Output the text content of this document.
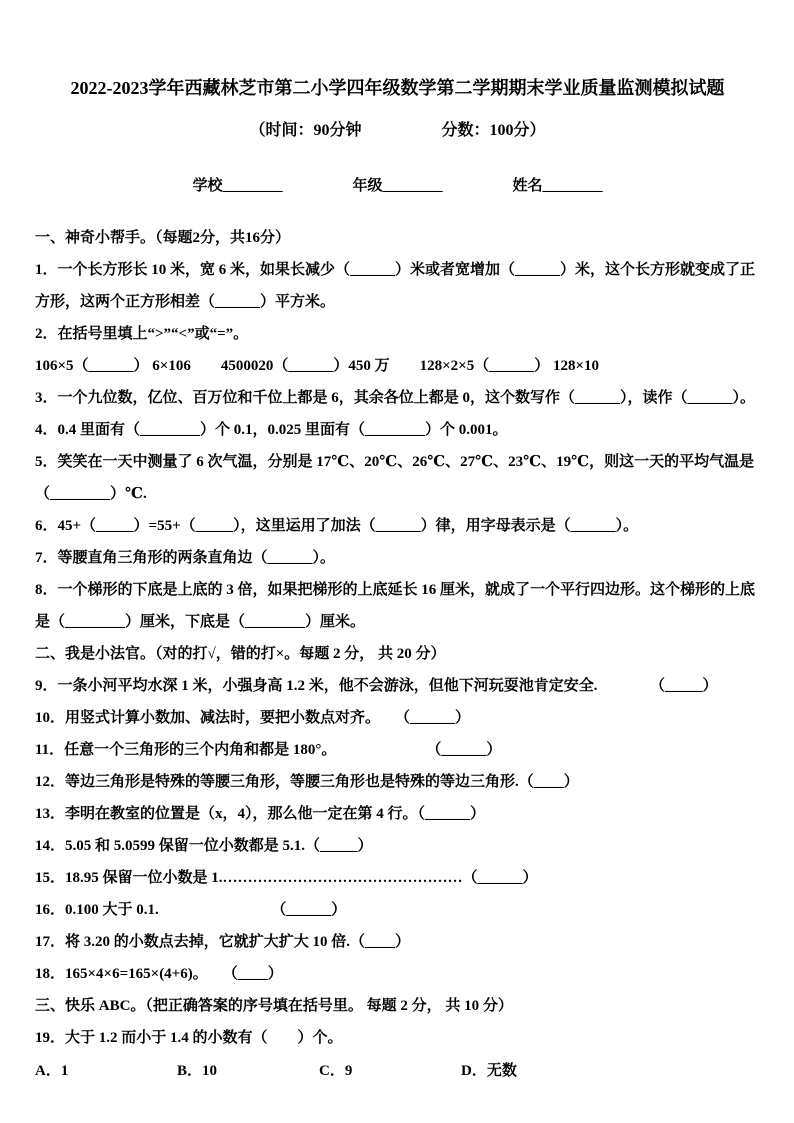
2022-2023学年西藏林芝市第二小学四年级数学第二学期期末学业质量监测模拟试题
（时间：90分钟	分数：100分）
学校________	年级________	姓名________
一、神奇小帮手。（每题2分，共16分）
1．一个长方形长 10 米，宽 6 米，如果长减少（______）米或者宽增加（______）米，这个长方形就变成了正方形，这两个正方形相差（______）平方米。
2．在括号里填上“>”“<”或“=”。
106×5（______） 6×106　　4500020（______）450 万　　128×2×5（______） 128×10
3．一个九位数，亿位、百万位和千位上都是 6，其余各位上都是 0，这个数写作（______），读作（______）。
4．0.4 里面有（________）个 0.1，0.025 里面有（________）个 0.001。
5．笑笑在一天中测量了 6 次气温，分别是 17℃、20℃、26℃、27℃、23℃、19℃，则这一天的平均气温是（________）℃.
6．45+（_____）=55+（_____），这里运用了加法（______）律，用字母表示是（______）。
7．等腰直角三角形的两条直角边（______）。
8．一个梯形的下底是上底的 3 倍，如果把梯形的上底延长 16 厘米，就成了一个平行四边形。这个梯形的上底是（________）厘米，下底是（________）厘米。
二、我是小法官。（对的打√，错的打×。每题 2 分， 共 20 分）
9．一条小河平均水深 1 米，小强身高 1.2 米，他不会游泳，但他下河玩耍池肯定安全.　　　　（_____）
10．用竖式计算小数加、减法时，要把小数点对齐。　　（______）
11．任意一个三角形的三个内角和都是 180°。　　　　　　　（______）
12．等边三角形是特殊的等腰三角形，等腰三角形也是特殊的等边三角形.（____）
13．李明在教室的位置是（x，4），那么他一定在第 4 行。（______）
14．5.05 和 5.0599 保留一位小数都是 5.1.（_____）
15．18.95 保留一位小数是 1.…………………………………………（______）
16．0.100 大于 0.1.　　　　　　　　（______）
17．将 3.20 的小数点去掉，它就扩大扩大 10 倍.（____）
18．165×4×6=165×(4+6)。　　（____）
三、快乐 ABC。（把正确答案的序号填在括号里。 每题 2 分， 共 10 分）
19．大于 1.2 而小于 1.4 的小数有（　　）个。
A．1	B．10	C．9	D．无数
